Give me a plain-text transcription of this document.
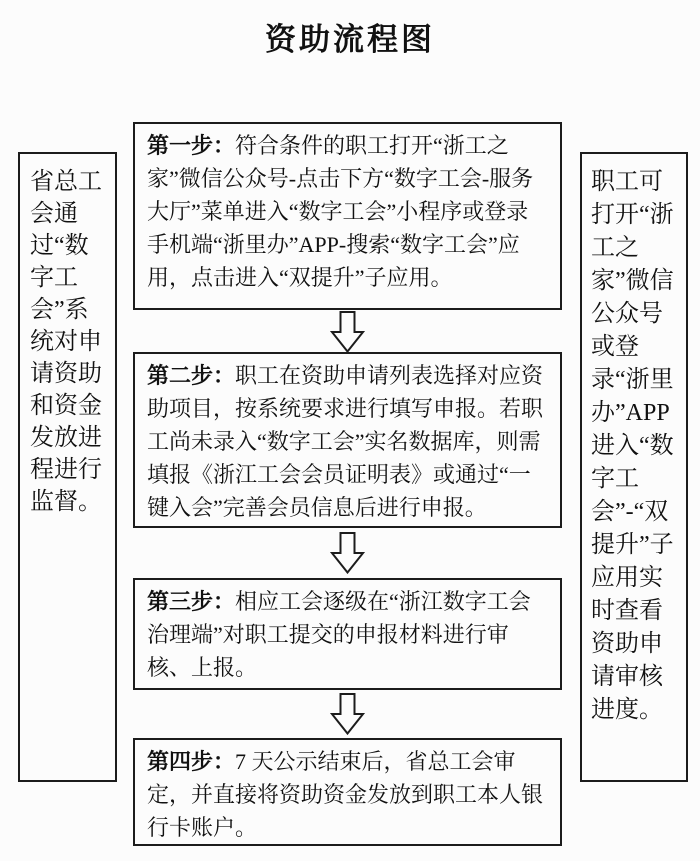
资助流程图
省总工会通过“数字工会”系统对申请资助和资金发放进程进行监督。
职工可打开“浙工之家”微信公众号或登录“浙里办”APP 进入“数字工会”-“双提升”子应用实时查看资助申请审核进度。
第一步：符合条件的职工打开“浙工之家”微信公众号-点击下方“数字工会-服务大厅”菜单进入“数字工会”小程序或登录手机端“浙里办”APP-搜索“数字工会”应用，点击进入“双提升”子应用。
第二步：职工在资助申请列表选择对应资助项目，按系统要求进行填写申报。若职工尚未录入“数字工会”实名数据库，则需填报《浙江工会会员证明表》或通过“一键入会”完善会员信息后进行申报。
第三步：相应工会逐级在“浙江数字工会治理端”对职工提交的申报材料进行审核、上报。
第四步：7 天公示结束后，省总工会审定，并直接将资助资金发放到职工本人银行卡账户。
